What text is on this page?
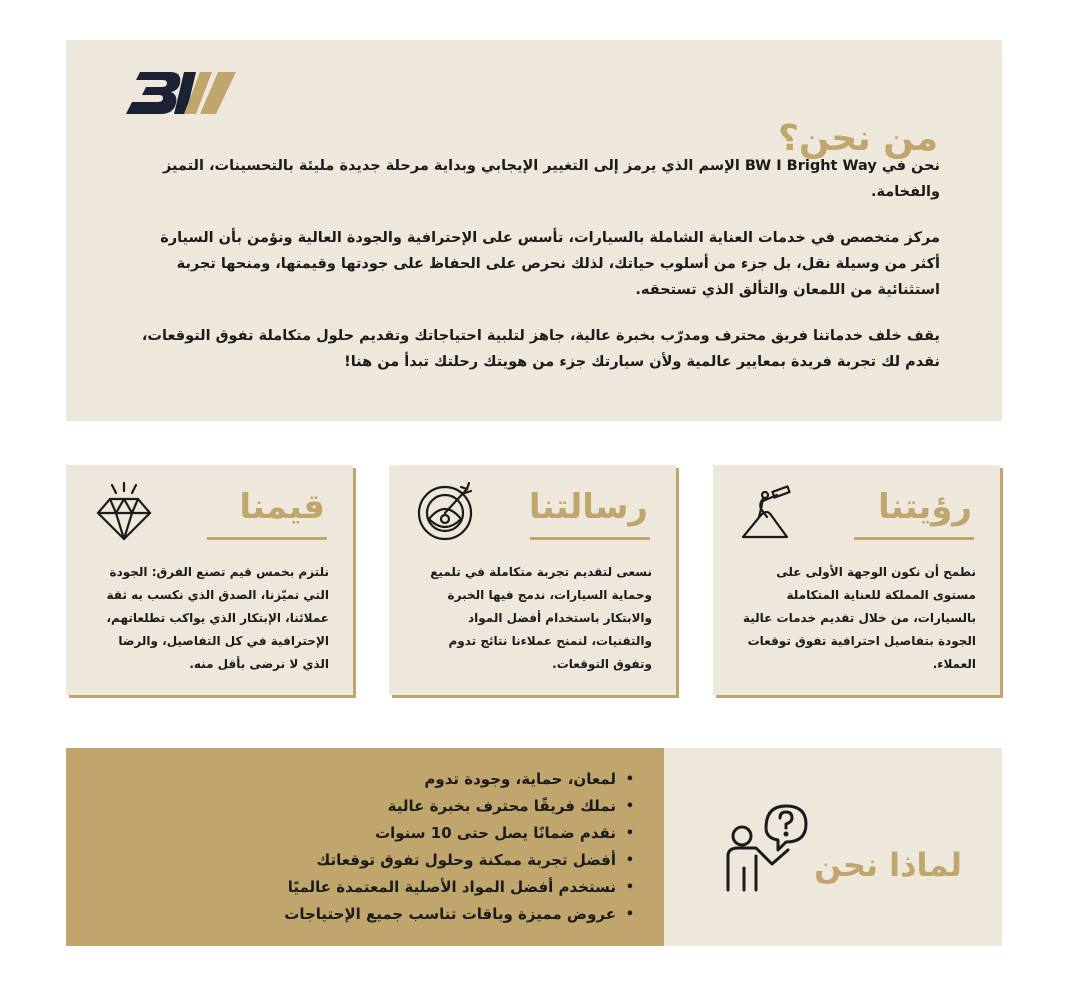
من نحن؟

نحن في BW I Bright Way الإسم الذي يرمز إلى التغيير الإيجابي وبداية مرحلة جديدة مليئة بالتحسينات، التميز والفخامة.

مركز متخصص في خدمات العناية الشاملة بالسيارات، تأسس على الإحترافية والجودة العالية ونؤمن بأن السيارة أكثر من وسيلة نقل، بل جزء من أسلوب حياتك، لذلك نحرص على الحفاظ على جودتها وقيمتها، ومنحها تجربة استثنائية من اللمعان والتألق الذي تستحقه.

يقف خلف خدماتنا فريق محترف ومدرّب بخبرة عالية، جاهز لتلبية احتياجاتك وتقديم حلول متكاملة تفوق التوقعات، نقدم لك تجربة فريدة بمعايير عالمية ولأن سيارتك جزء من هويتك رحلتك تبدأ من هنا!

رؤيتنا

نطمح أن نكون الوجهة الأولى على مستوى المملكة للعناية المتكاملة بالسيارات، من خلال تقديم خدمات عالية الجودة بتفاصيل احترافية تفوق توقعات العملاء.

رسالتنا

نسعى لتقديم تجربة متكاملة في تلميع وحماية السيارات، ندمج فيها الخبرة والابتكار باستخدام أفضل المواد والتقنيات، لنمنح عملاءنا نتائج تدوم وتفوق التوقعات.

قيمنا

نلتزم بخمس قيم تصنع الفرق: الجودة التي تميّزنا، الصدق الذي نكسب به ثقة عملائنا، الإبتكار الذي يواكب تطلعاتهم، الإحترافية في كل التفاصيل، والرضا الذي لا نرضى بأقل منه.

لماذا نحن
• لمعان، حماية، وجودة تدوم
• نملك فريقًا محترف بخبرة عالية
• نقدم ضمانًا يصل حتى 10 سنوات
• أفضل تجربة ممكنة وحلول تفوق توقعاتك
• نستخدم أفضل المواد الأصلية المعتمدة عالميًا
• عروض مميزة وباقات تناسب جميع الإحتياجات
